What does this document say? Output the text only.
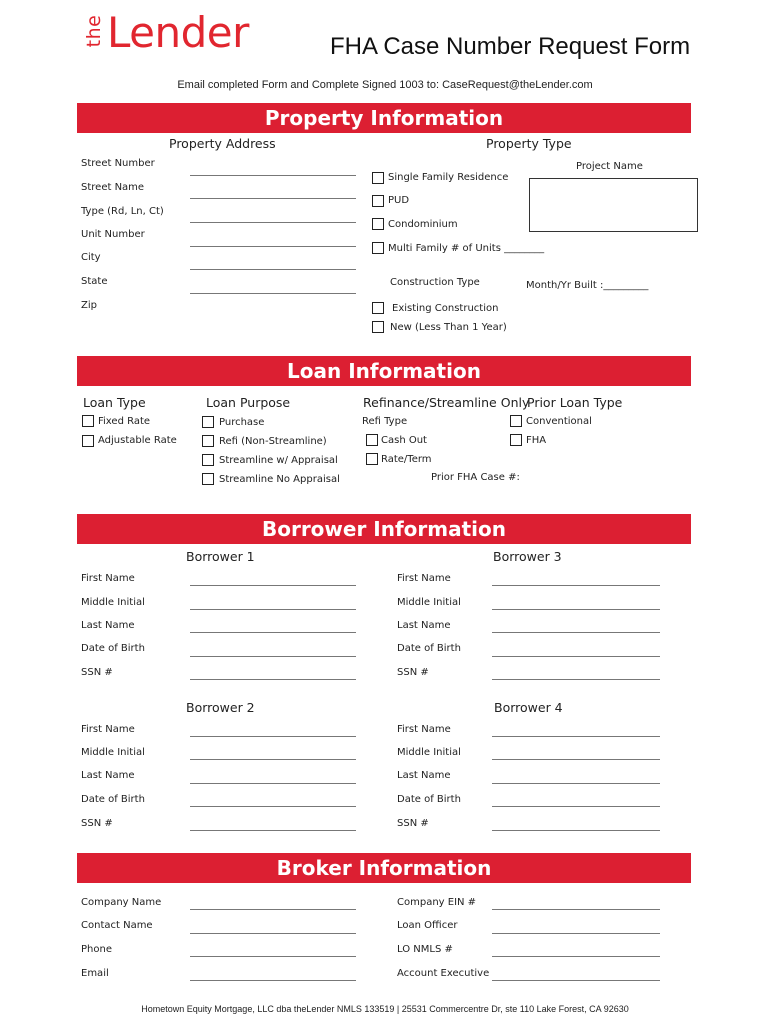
the Lender	FHA Case Number Request Form
Email completed Form and Complete Signed 1003 to: CaseRequest@theLender.com
Property Information
Property Address	Property Type
Street Number
Street Name
Type (Rd, Ln, Ct)
Unit Number
City
State
Zip
Single Family Residence
PUD
Condominium
Multi Family # of Units ________
Project Name
Construction Type	Month/Yr Built :_________
Existing Construction
New (Less Than 1 Year)
Loan Information
Loan Type	Loan Purpose	Refinance/Streamline Only
Prior Loan Type
Fixed Rate
Adjustable Rate
Purchase
Refi (Non-Streamline)
Streamline w/ Appraisal
Streamline No Appraisal
Refi Type
Cash Out
Rate/Term
Conventional
FHA
Prior FHA Case #:
Borrower Information
Borrower 1	Borrower 3
First Name
Middle Initial
Last Name
Date of Birth
SSN #
First Name
Middle Initial
Last Name
Date of Birth
SSN #
Borrower 2	Borrower 4
First Name
Middle Initial
Last Name
Date of Birth
SSN #
First Name
Middle Initial
Last Name
Date of Birth
SSN #
Broker Information
Company Name
Contact Name
Phone
Email
Company EIN #
Loan Officer
LO NMLS #
Account Executive
Hometown Equity Mortgage, LLC dba theLender NMLS 133519 | 25531 Commercentre Dr, ste 110 Lake Forest, CA 92630
